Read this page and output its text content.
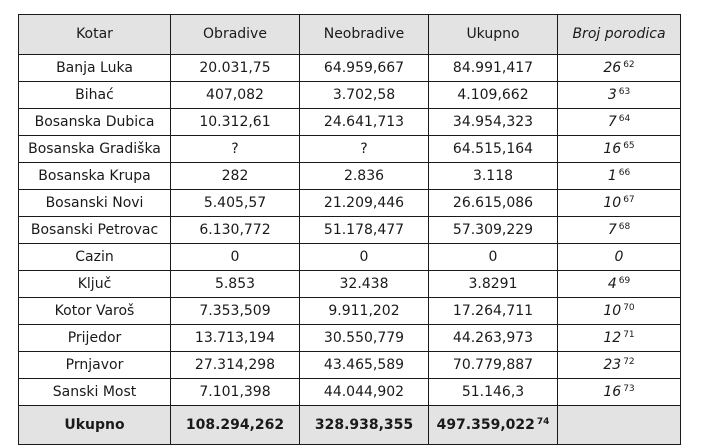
Kotar	Obradive	Neobradive	Ukupno	Broj porodica
Banja Luka	20.031,75	64.959,667	84.991,417	26 $^{62}$
Bihać	407,082	3.702,58	4.109,662	3 $^{63}$
Bosanska Dubica	10.312,61	24.641,713	34.954,323	7 $^{64}$
Bosanska Gradiška	?	?	64.515,164	16 $^{65}$
Bosanska Krupa	282	2.836	3.118	1 $^{66}$
Bosanski Novi	5.405,57	21.209,446	26.615,086	10 $^{67}$
Bosanski Petrovac	6.130,772	51.178,477	57.309,229	7 $^{68}$
Cazin	0	0	0	0
Ključ	5.853	32.438	3.8291	4 $^{69}$
Kotor Varoš	7.353,509	9.911,202	17.264,711	10 $^{70}$
Prijedor	13.713,194	30.550,779	44.263,973	12 $^{71}$
Prnjavor	27.314,298	43.465,589	70.779,887	23 $^{72}$
Sanski Most	7.101,398	44.044,902	51.146,3	16 $^{73}$
Ukupno	108.294,262	328.938,355	497.359,022 $^{74}$	
